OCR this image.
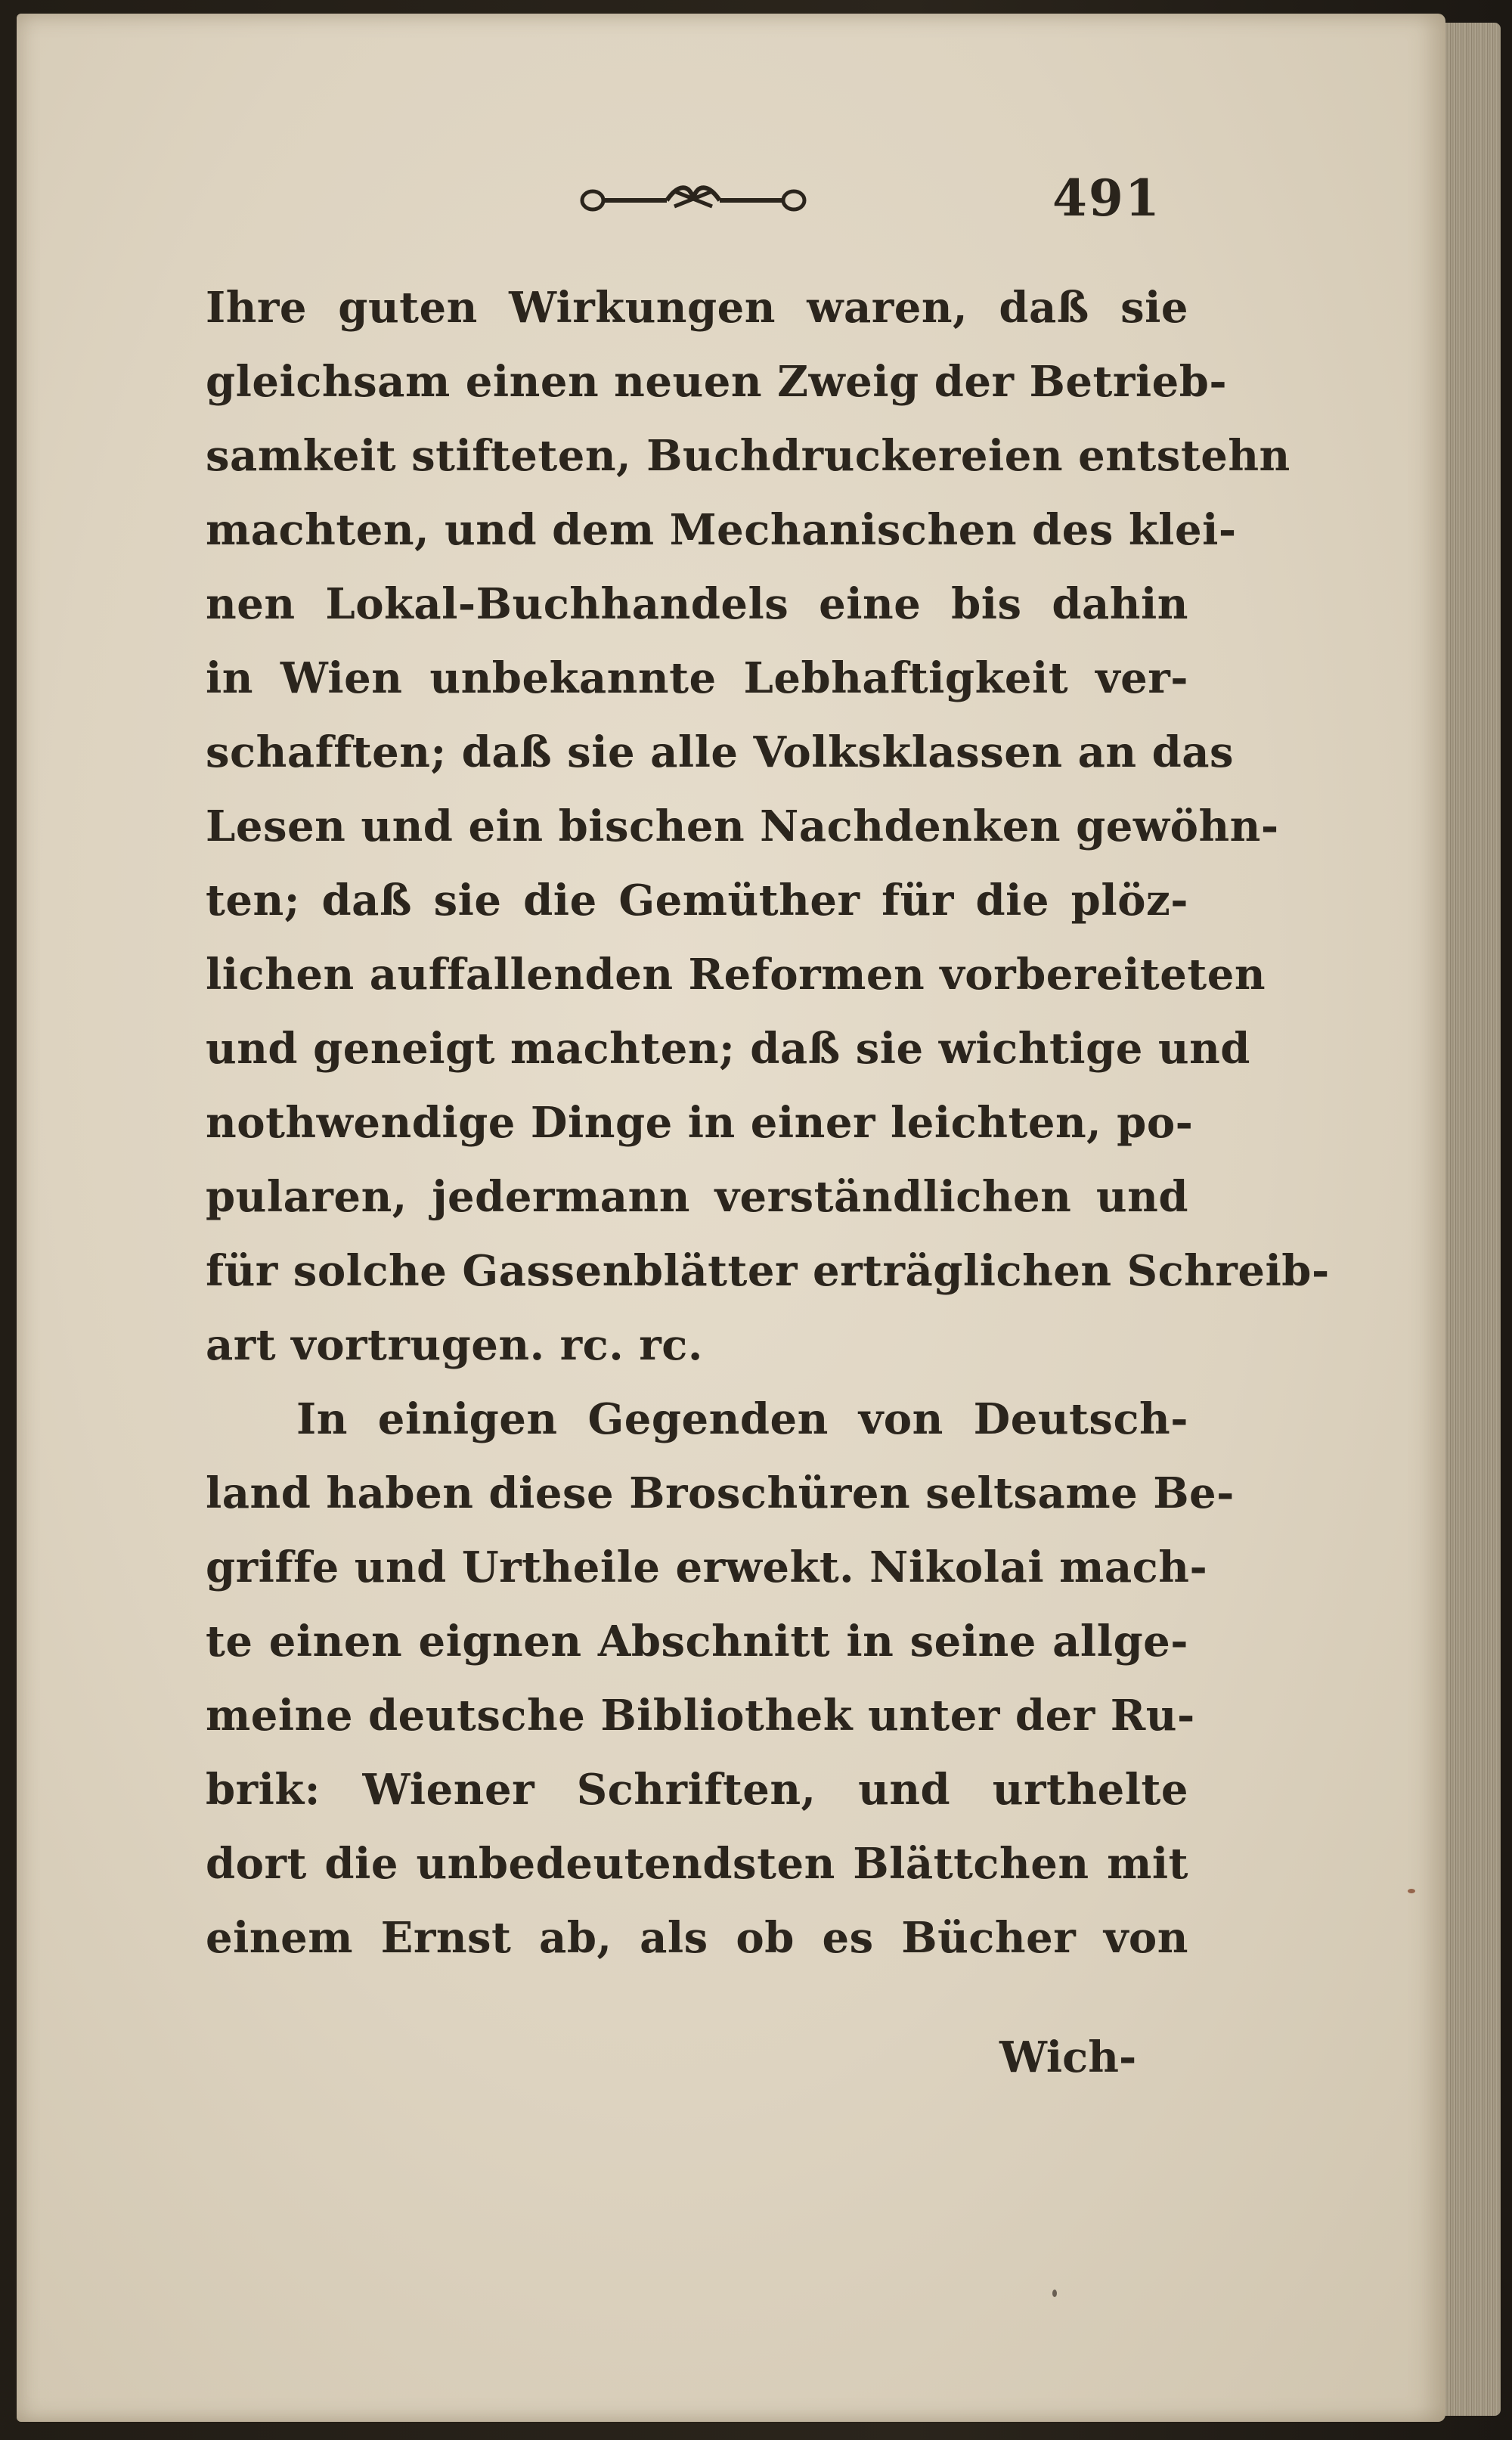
491
Ihre guten Wirkungen waren, daß sie
gleichsam einen neuen Zweig der Betrieb-
samkeit stifteten, Buchdruckereien entstehn
machten, und dem Mechanischen des klei-
nen Lokal-Buchhandels eine bis dahin
in Wien unbekannte Lebhaftigkeit ver-
schafften; daß sie alle Volksklassen an das
Lesen und ein bischen Nachdenken gewöhn-
ten; daß sie die Gemüther für die plöz-
lichen auffallenden Reformen vorbereiteten
und geneigt machten; daß sie wichtige und
nothwendige Dinge in einer leichten, po-
pularen, jedermann verständlichen und
für solche Gassenblätter erträglichen Schreib-
art vortrugen. rc. rc.
In einigen Gegenden von Deutsch-
land haben diese Broschüren seltsame Be-
griffe und Urtheile erwekt. Nikolai mach-
te einen eignen Abschnitt in seine allge-
meine deutsche Bibliothek unter der Ru-
brik: Wiener Schriften, und urthelte
dort die unbedeutendsten Blättchen mit
einem Ernst ab, als ob es Bücher von
Wich-
